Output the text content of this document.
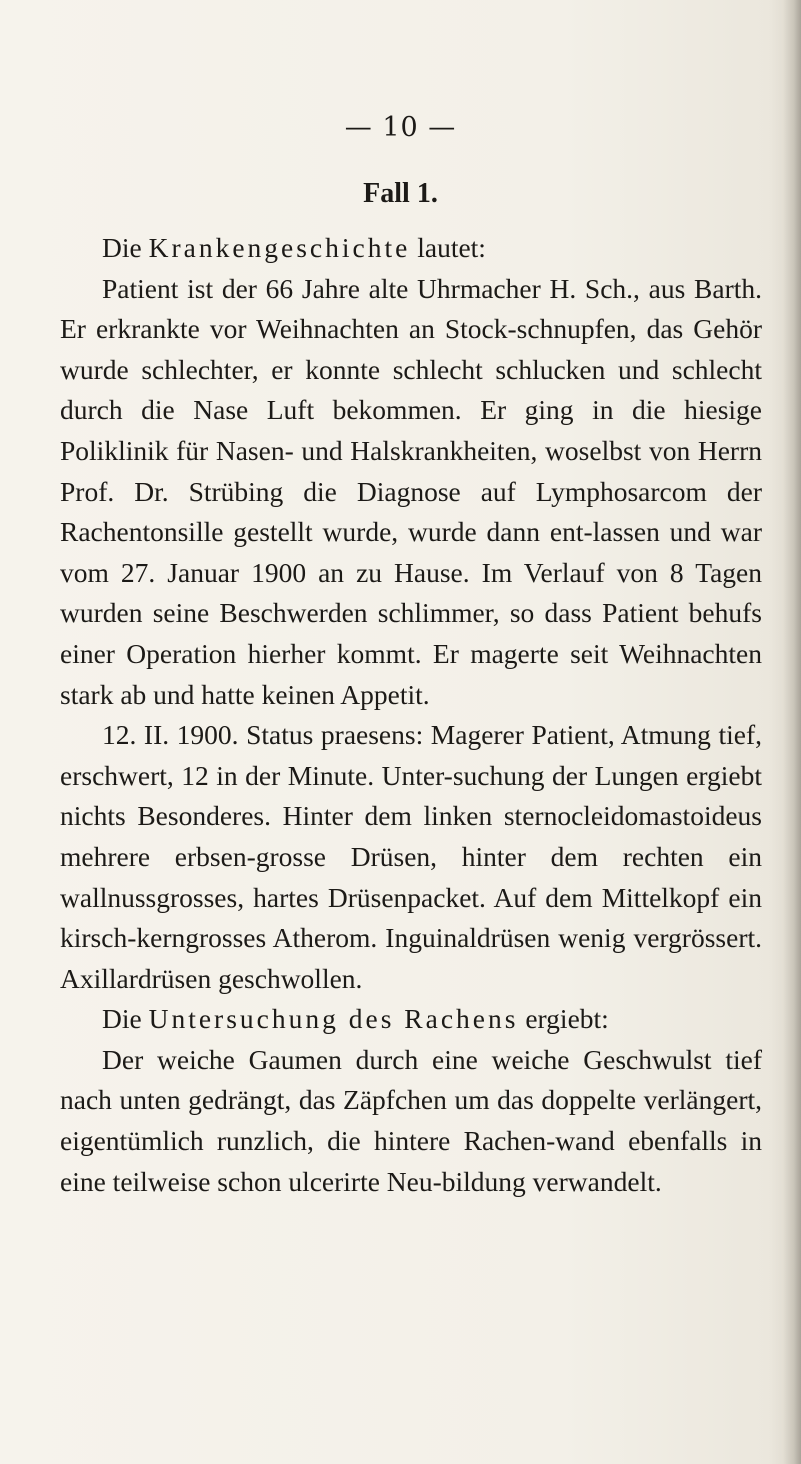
— 10 —
Fall 1.

Die Krankengeschichte lautet:

Patient ist der 66 Jahre alte Uhrmacher H. Sch., aus Barth. Er erkrankte vor Weihnachten an Stock-schnupfen, das Gehör wurde schlechter, er konnte schlecht schlucken und schlecht durch die Nase Luft bekommen. Er ging in die hiesige Poliklinik für Nasen- und Halskrankheiten, woselbst von Herrn Prof. Dr. Strübing die Diagnose auf Lymphosarcom der Rachentonsille gestellt wurde, wurde dann ent-lassen und war vom 27. Januar 1900 an zu Hause. Im Verlauf von 8 Tagen wurden seine Beschwerden schlimmer, so dass Patient behufs einer Operation hierher kommt. Er magerte seit Weihnachten stark ab und hatte keinen Appetit.

12. II. 1900. Status praesens: Magerer Patient, Atmung tief, erschwert, 12 in der Minute. Unter-suchung der Lungen ergiebt nichts Besonderes. Hinter dem linken sternocleidomastoideus mehrere erbsen-grosse Drüsen, hinter dem rechten ein wallnussgrosses, hartes Drüsenpacket. Auf dem Mittelkopf ein kirsch-kerngrosses Atherom. Inguinaldrüsen wenig vergrössert. Axillardrüsen geschwollen.

Die Untersuchung des Rachens ergiebt:

Der weiche Gaumen durch eine weiche Geschwulst tief nach unten gedrängt, das Zäpfchen um das doppelte verlängert, eigentümlich runzlich, die hintere Rachen-wand ebenfalls in eine teilweise schon ulcerirte Neu-bildung verwandelt.
